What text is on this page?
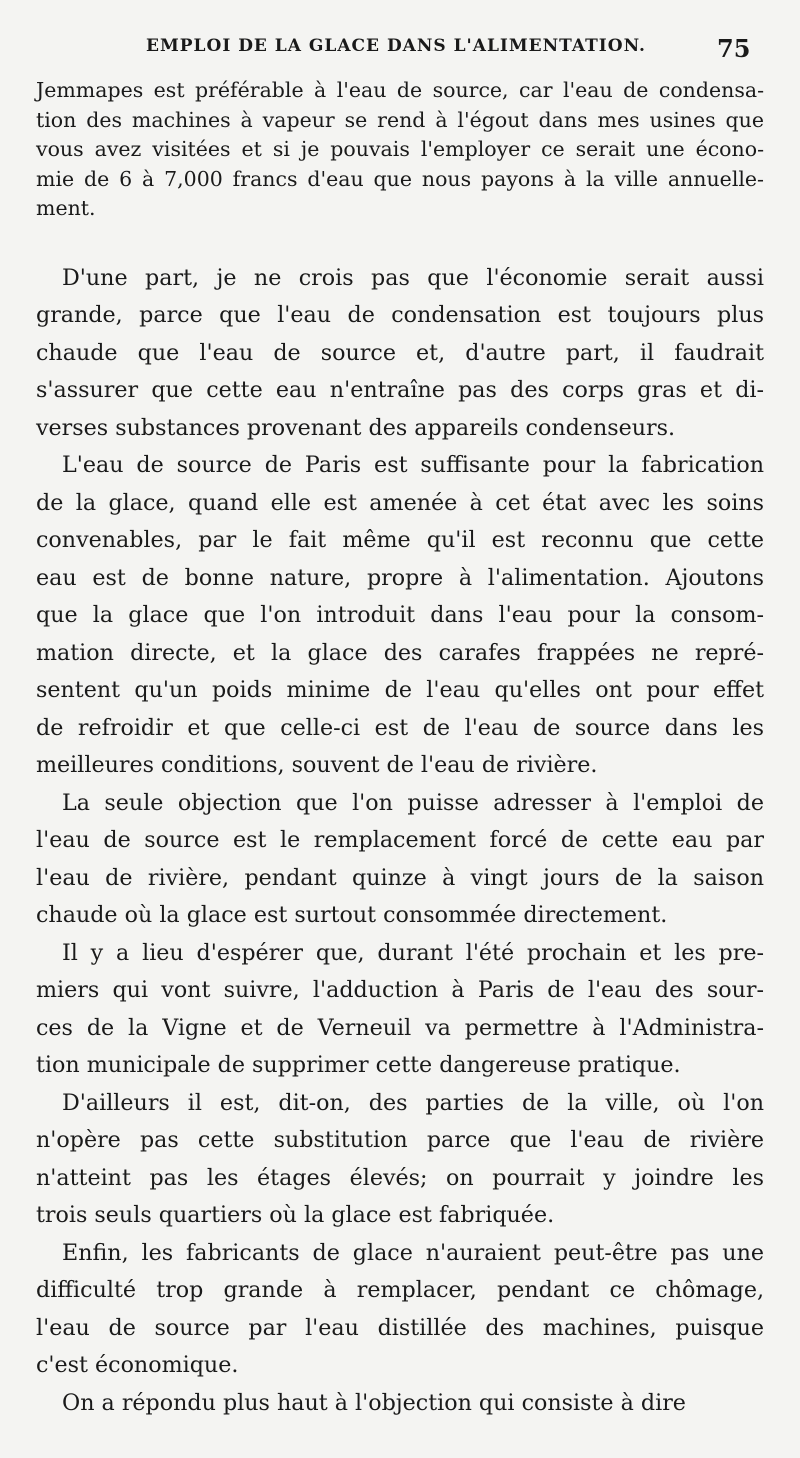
EMPLOI DE LA GLACE DANS L'ALIMENTATION.	75
Jemmapes est préférable à l'eau de source, car l'eau de condensa-
tion des machines à vapeur se rend à l'égout dans mes usines que
vous avez visitées et si je pouvais l'employer ce serait une écono-
mie de 6 à 7,000 francs d'eau que nous payons à la ville annuelle-
ment.
D'une part, je ne crois pas que l'économie serait aussi
grande, parce que l'eau de condensation est toujours plus
chaude que l'eau de source et, d'autre part, il faudrait
s'assurer que cette eau n'entraîne pas des corps gras et di-
verses substances provenant des appareils condenseurs.
L'eau de source de Paris est suffisante pour la fabrication
de la glace, quand elle est amenée à cet état avec les soins
convenables, par le fait même qu'il est reconnu que cette
eau est de bonne nature, propre à l'alimentation. Ajoutons
que la glace que l'on introduit dans l'eau pour la consom-
mation directe, et la glace des carafes frappées ne repré-
sentent qu'un poids minime de l'eau qu'elles ont pour effet
de refroidir et que celle-ci est de l'eau de source dans les
meilleures conditions, souvent de l'eau de rivière.
La seule objection que l'on puisse adresser à l'emploi de
l'eau de source est le remplacement forcé de cette eau par
l'eau de rivière, pendant quinze à vingt jours de la saison
chaude où la glace est surtout consommée directement.
Il y a lieu d'espérer que, durant l'été prochain et les pre-
miers qui vont suivre, l'adduction à Paris de l'eau des sour-
ces de la Vigne et de Verneuil va permettre à l'Administra-
tion municipale de supprimer cette dangereuse pratique.
D'ailleurs il est, dit-on, des parties de la ville, où l'on
n'opère pas cette substitution parce que l'eau de rivière
n'atteint pas les étages élevés; on pourrait y joindre les
trois seuls quartiers où la glace est fabriquée.
Enfin, les fabricants de glace n'auraient peut-être pas une
difficulté trop grande à remplacer, pendant ce chômage,
l'eau de source par l'eau distillée des machines, puisque
c'est économique.
On a répondu plus haut à l'objection qui consiste à dire
